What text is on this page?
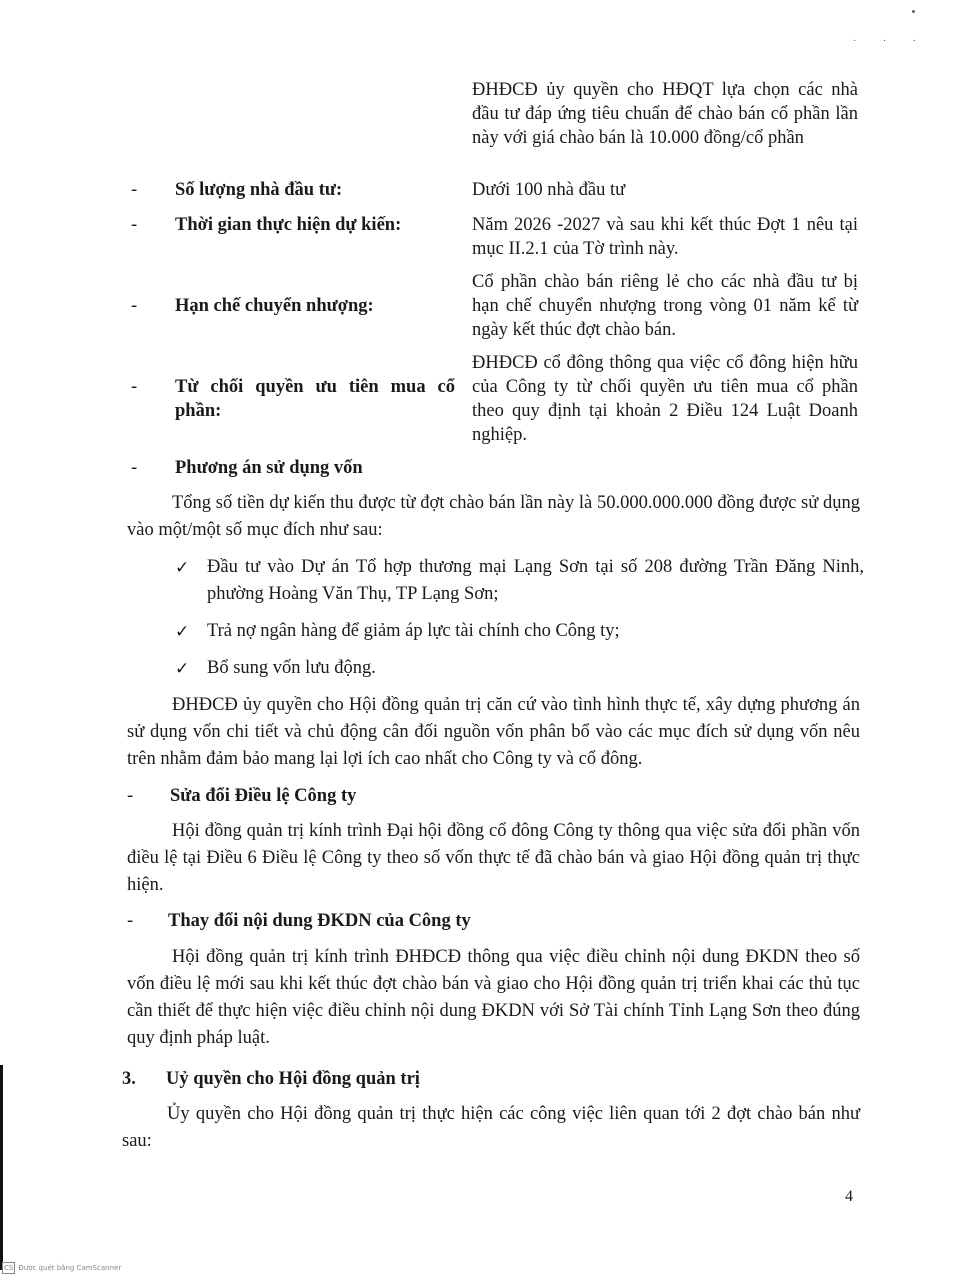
· · ·
ĐHĐCĐ ủy quyền cho HĐQT lựa chọn các nhà đầu tư đáp ứng tiêu chuẩn để chào bán cổ phần lần này với giá chào bán là 10.000 đồng/cổ phần
-	Số lượng nhà đầu tư:	Dưới 100 nhà đầu tư
-	Thời gian thực hiện dự kiến:	Năm 2026 -2027 và sau khi kết thúc Đợt 1 nêu tại mục II.2.1 của Tờ trình này.
-	Hạn chế chuyển nhượng:
Cổ phần chào bán riêng lẻ cho các nhà đầu tư bị hạn chế chuyển nhượng trong vòng 01 năm kể từ ngày kết thúc đợt chào bán.
-	Từ chối quyền ưu tiên mua cổ phần:
ĐHĐCĐ cổ đông thông qua việc cổ đông hiện hữu của Công ty từ chối quyền ưu tiên mua cổ phần theo quy định tại khoản 2 Điều 124 Luật Doanh nghiệp.
-	Phương án sử dụng vốn
Tổng số tiền dự kiến thu được từ đợt chào bán lần này là 50.000.000.000 đồng được sử dụng vào một/một số mục đích như sau:
✓ Đầu tư vào Dự án Tổ hợp thương mại Lạng Sơn tại số 208 đường Trần Đăng Ninh, phường Hoàng Văn Thụ, TP Lạng Sơn;
✓ Trả nợ ngân hàng để giảm áp lực tài chính cho Công ty;
✓ Bổ sung vốn lưu động.
ĐHĐCĐ ủy quyền cho Hội đồng quản trị căn cứ vào tình hình thực tế, xây dựng phương án sử dụng vốn chi tiết và chủ động cân đối nguồn vốn phân bổ vào các mục đích sử dụng vốn nêu trên nhằm đảm bảo mang lại lợi ích cao nhất cho Công ty và cổ đông.
-	Sửa đổi Điều lệ Công ty
Hội đồng quản trị kính trình Đại hội đồng cổ đông Công ty thông qua việc sửa đổi phần vốn điều lệ tại Điều 6 Điều lệ Công ty theo số vốn thực tế đã chào bán và giao Hội đồng quản trị thực hiện.
-	Thay đổi nội dung ĐKDN của Công ty
Hội đồng quản trị kính trình ĐHĐCĐ thông qua việc điều chỉnh nội dung ĐKDN theo số vốn điều lệ mới sau khi kết thúc đợt chào bán và giao cho Hội đồng quản trị triển khai các thủ tục cần thiết để thực hiện việc điều chỉnh nội dung ĐKDN với Sở Tài chính Tỉnh Lạng Sơn theo đúng quy định pháp luật.
3. Uỷ quyền cho Hội đồng quản trị
Ủy quyền cho Hội đồng quản trị thực hiện các công việc liên quan tới 2 đợt chào bán như sau:
4
CS Được quét bằng CamScanner
